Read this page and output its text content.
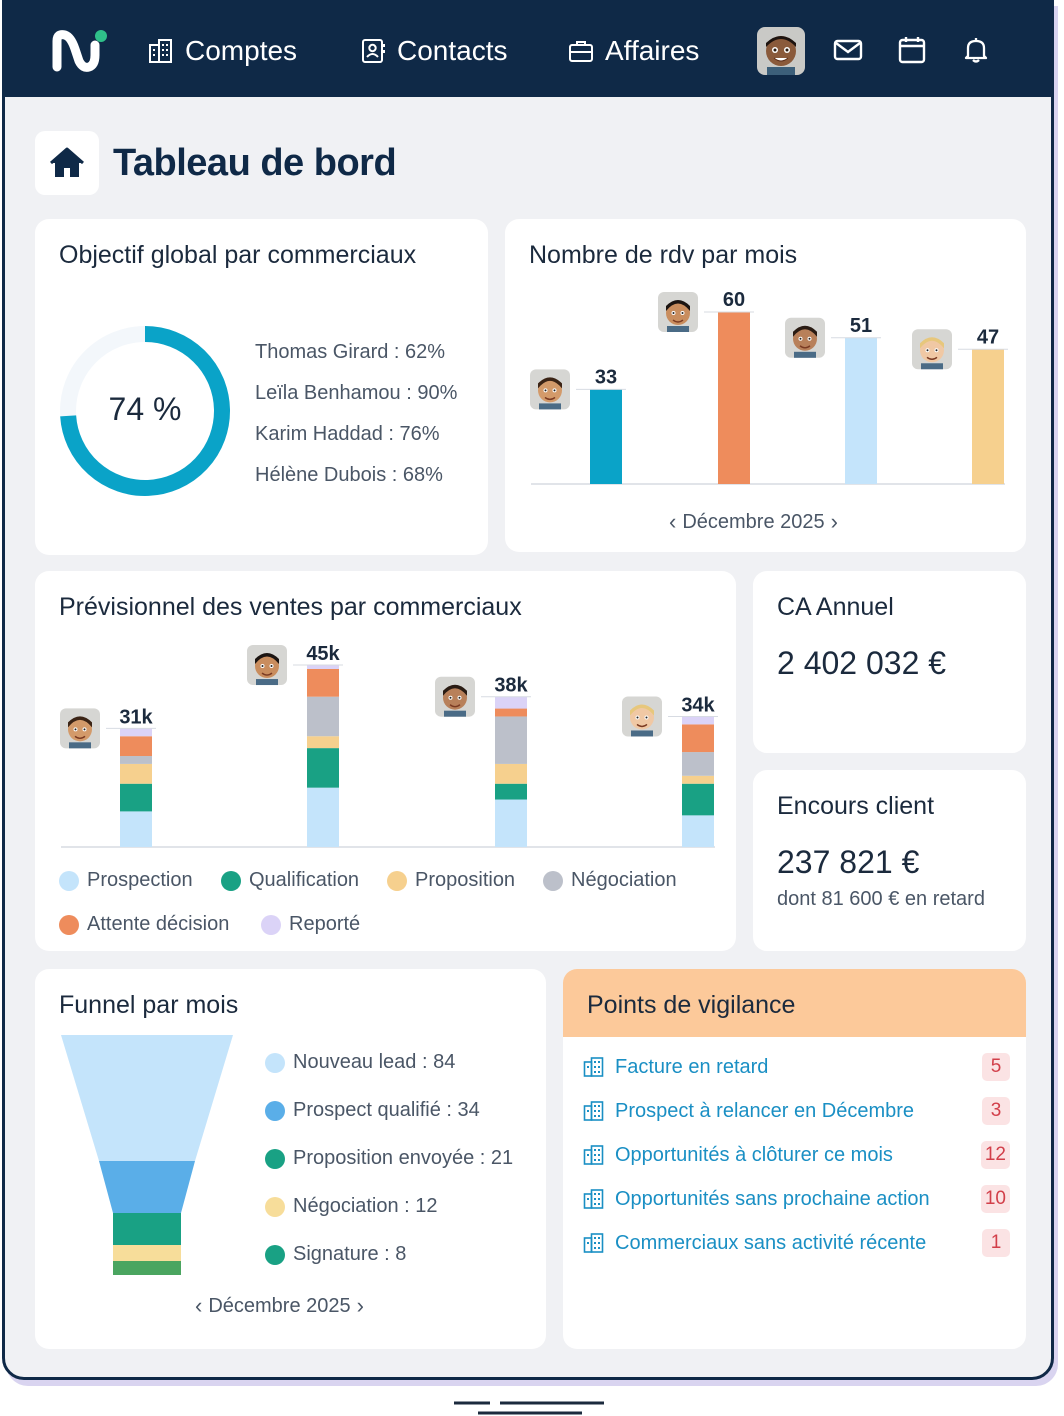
Comptes	Contacts	Affaires
Tableau de bord
Objectif global par commerciaux
74 %
Thomas Girard : 62%
Leïla Benhamou : 90%
Karim Haddad : 76%
Hélène Dubois : 68%
Nombre de rdv par mois
33
60
51
47
‹ Décembre 2025 ›
Prévisionnel des ventes par commerciaux
31k
45k
38k
34k
Prospection	Qualification	Proposition	Négociation
Attente décision	Reporté
CA Annuel
2 402 032 €
Encours client
237 821 €
dont 81 600 € en retard
Funnel par mois
Nouveau lead : 84
Prospect qualifié : 34
Proposition envoyée : 21
Négociation : 12
Signature : 8
‹ Décembre 2025 ›
Points de vigilance
Facture en retard	5
Prospect à relancer en Décembre	3
Opportunités à clôturer ce mois	12
Opportunités sans prochaine action	10
Commerciaux sans activité récente	1
